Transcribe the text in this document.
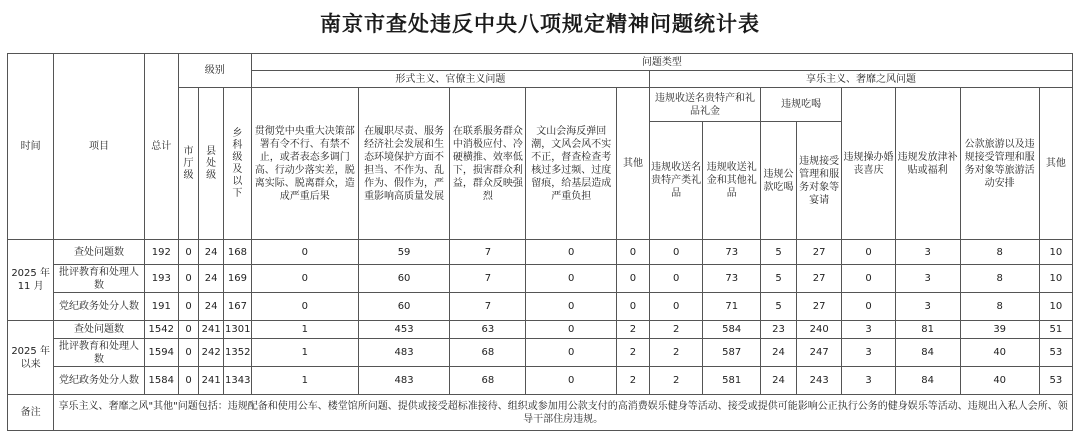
南京市查处违反中央八项规定精神问题统计表
时间	项目	总计	级别			问题类型												
						形式主义、官僚主义问题					享乐主义、奢靡之风问题							
			市厅级	县处级	乡科级及以下	贯彻党中央重大决策部署有令不行、有禁不止，或者表态多调门高、行动少落实差，脱离实际、脱离群众，造成严重后果	在履职尽责、服务经济社会发展和生态环境保护方面不担当、不作为、乱作为、假作为，严重影响高质量发展	在联系服务群众中消极应付、冷硬横推、效率低下，损害群众利益，群众反映强烈	文山会海反弹回潮，文风会风不实不正，督查检查考核过多过频、过度留痕，给基层造成严重负担	其他	违规收送名贵特产和礼品礼金		违规吃喝		违规操办婚丧喜庆	违规发放津补贴或福利	公款旅游以及违规接受管理和服务对象等旅游活动安排	其他
											违规收送名贵特产类礼品	违规收送礼金和其他礼品	违规公款吃喝	违规接受管理和服务对象等宴请				
2025 年 11 月	查处问题数	192	0	24	168	0	59	7	0	0	0	73	5	27	0	3	8	10
	批评教育和处理人数	193	0	24	169	0	60	7	0	0	0	73	5	27	0	3	8	10
	党纪政务处分人数	191	0	24	167	0	60	7	0	0	0	71	5	27	0	3	8	10
2025 年以来	查处问题数	1542	0	241	1301	1	453	63	0	2	2	584	23	240	3	81	39	51
	批评教育和处理人数	1594	0	242	1352	1	483	68	0	2	2	587	24	247	3	84	40	53
	党纪政务处分人数	1584	0	241	1343	1	483	68	0	2	2	581	24	243	3	84	40	53
备注	享乐主义、奢靡之风"其他"问题包括：违规配备和使用公车、楼堂馆所问题、提供或接受超标准接待、组织或参加用公款支付的高消费娱乐健身等活动、接受或提供可能影响公正执行公务的健身娱乐等活动、违规出入私人会所、领导干部住房违规。																	
